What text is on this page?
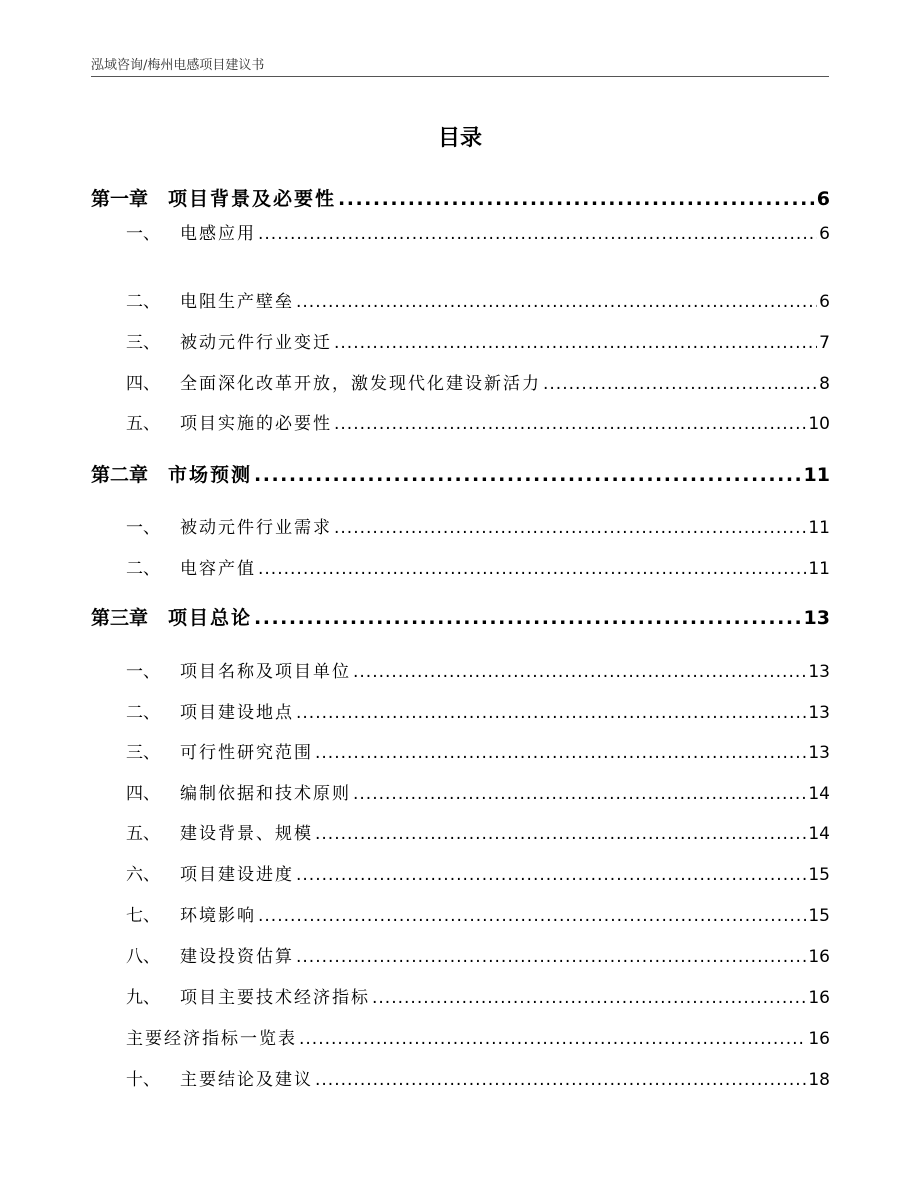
泓域咨询/梅州电感项目建议书
目录
第一章 项目背景及必要性 .....	6
一、 电感应用 .....	6
二、 电阻生产壁垒 .....	6
三、 被动元件行业变迁 .....	7
四、 全面深化改革开放，激发现代化建设新活力 .....	8
五、 项目实施的必要性 .....	10
第二章 市场预测 .....	11
一、 被动元件行业需求 .....	11
二、 电容产值 .....	11
第三章 项目总论 .....	13
一、 项目名称及项目单位 .....	13
二、 项目建设地点 .....	13
三、 可行性研究范围 .....	13
四、 编制依据和技术原则 .....	14
五、 建设背景、规模 .....	14
六、 项目建设进度 .....	15
七、 环境影响 .....	15
八、 建设投资估算 .....	16
九、 项目主要技术经济指标 .....	16
主要经济指标一览表 .....	16
十、 主要结论及建议 .....	18
